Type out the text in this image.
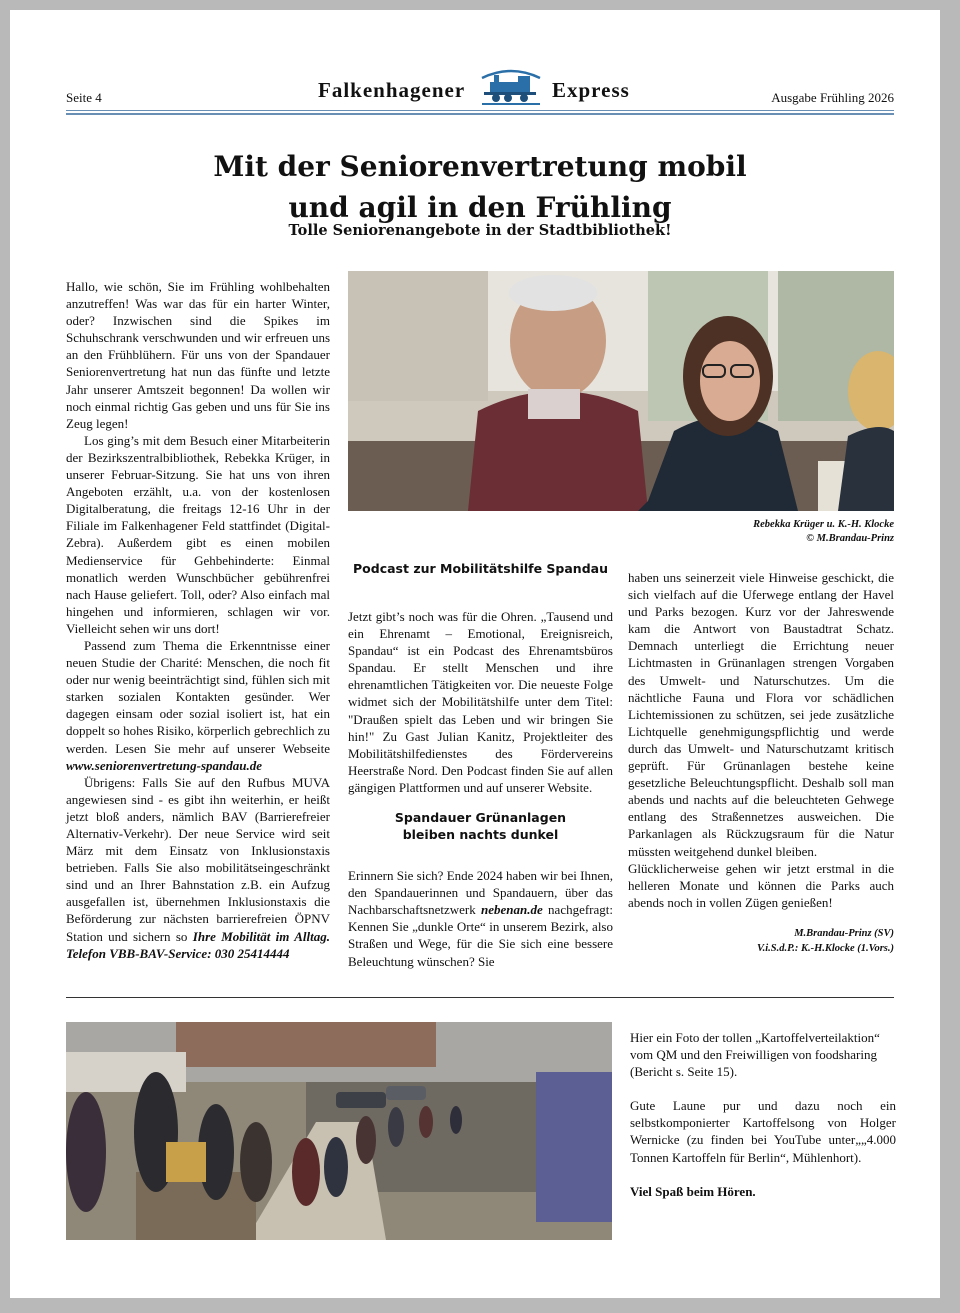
Seite 4	Falkenhagener	Express	Ausgabe Frühling 2026
Mit der Seniorenvertretung mobil
und agil in den Frühling
Tolle Seniorenangebote in der Stadtbibliothek!

Hallo, wie schön, Sie im Frühling wohlbehalten anzutreffen! Was war das für ein harter Winter, oder? Inzwischen sind die Spikes im Schuhschrank verschwunden und wir erfreuen uns an den Frühblühern. Für uns von der Spandauer Seniorenvertretung hat nun das fünfte und letzte Jahr unserer Amtszeit begonnen! Da wollen wir noch einmal richtig Gas geben und uns für Sie ins Zeug legen!

Los ging’s mit dem Besuch einer Mitarbeiterin der Bezirkszentralbibliothek, Rebekka Krüger, in unserer Februar-Sitzung. Sie hat uns von ihren Angeboten erzählt, u.a. von der kostenlosen Digitalberatung, die freitags 12-16 Uhr in der Filiale im Falkenhagener Feld stattfindet (Digital-Zebra). Außerdem gibt es einen mobilen Medienservice für Gehbehinderte: Einmal monatlich werden Wunschbücher gebührenfrei nach Hause geliefert. Toll, oder? Also einfach mal hingehen und informieren, schlagen wir vor. Vielleicht sehen wir uns dort!

Passend zum Thema die Erkenntnisse einer neuen Studie der Charité: Menschen, die noch fit oder nur wenig beeinträchtigt sind, fühlen sich mit starken sozialen Kontakten gesünder. Wer dagegen einsam oder sozial isoliert ist, hat ein doppelt so hohes Risiko, körperlich gebrechlich zu werden. Lesen Sie mehr auf unserer Webseite www.seniorenvertretung-spandau.de

Übrigens: Falls Sie auf den Rufbus MUVA angewiesen sind - es gibt ihn weiterhin, er heißt jetzt bloß anders, nämlich BAV (Barrierefreier Alternativ-Verkehr). Der neue Service wird seit März mit dem Einsatz von Inklusionstaxis betrieben. Falls Sie also mobilitätseingeschränkt sind und an Ihrer Bahnstation z.B. ein Aufzug ausgefallen ist, übernehmen Inklusionstaxis die Beförderung zur nächsten barrierefreien ÖPNV Station und sichern so Ihre Mobilität im Alltag. Telefon VBB-BAV-Service: 030 25414444

Rebekka Krüger u. K.-H. Klocke
© M.Brandau-Prinz
Podcast zur Mobilitätshilfe Spandau

Jetzt gibt’s noch was für die Ohren. „Tausend und ein Ehrenamt – Emotional, Ereignisreich, Spandau“ ist ein Podcast des Ehrenamtsbüros Spandau. Er stellt Menschen und ihre ehrenamtlichen Tätigkeiten vor. Die neueste Folge widmet sich der Mobilitätshilfe unter dem Titel: "Draußen spielt das Leben und wir bringen Sie hin!" Zu Gast Julian Kanitz, Projektleiter des Mobilitätshilfedienstes des Fördervereins Heerstraße Nord. Den Podcast finden Sie auf allen gängigen Plattformen und auf unserer Website.

Spandauer Grünanlagen
bleiben nachts dunkel

Erinnern Sie sich? Ende 2024 haben wir bei Ihnen, den Spandauerinnen und Spandauern, über das Nachbarschaftsnetzwerk nebenan.de nachgefragt: Kennen Sie „dunkle Orte“ in unserem Bezirk, also Straßen und Wege, für die Sie sich eine bessere Beleuchtung wünschen? Sie

haben uns seinerzeit viele Hinweise geschickt, die sich vielfach auf die Uferwege entlang der Havel und Parks bezogen. Kurz vor der Jahreswende kam die Antwort von Baustadtrat Schatz. Demnach unterliegt die Errichtung neuer Lichtmasten in Grünanlagen strengen Vorgaben des Umwelt- und Naturschutzes. Um die nächtliche Fauna und Flora vor schädlichen Lichtemissionen zu schützen, sei jede zusätzliche Lichtquelle genehmigungspflichtig und werde durch das Umwelt- und Naturschutzamt kritisch geprüft. Für Grünanlagen bestehe keine gesetzliche Beleuchtungspflicht. Deshalb soll man abends und nachts auf die beleuchteten Gehwege entlang des Straßennetzes ausweichen. Die Parkanlagen als Rückzugsraum für die Natur müssten weitgehend dunkel bleiben.

Glücklicherweise gehen wir jetzt erstmal in die helleren Monate und können die Parks auch abends noch in vollen Zügen genießen!

M.Brandau-Prinz (SV)
V.i.S.d.P.: K.-H.Klocke (1.Vors.)

Hier ein Foto der tollen „Kartoffelverteilaktion“ vom QM und den Freiwilligen von foodsharing (Bericht s. Seite 15).

Gute Laune pur und dazu noch ein selbstkomponierter Kartoffelsong von Holger Wernicke (zu finden bei YouTube unter„„4.000 Tonnen Kartoffeln für Berlin“, Mühlenhort).

Viel Spaß beim Hören.
